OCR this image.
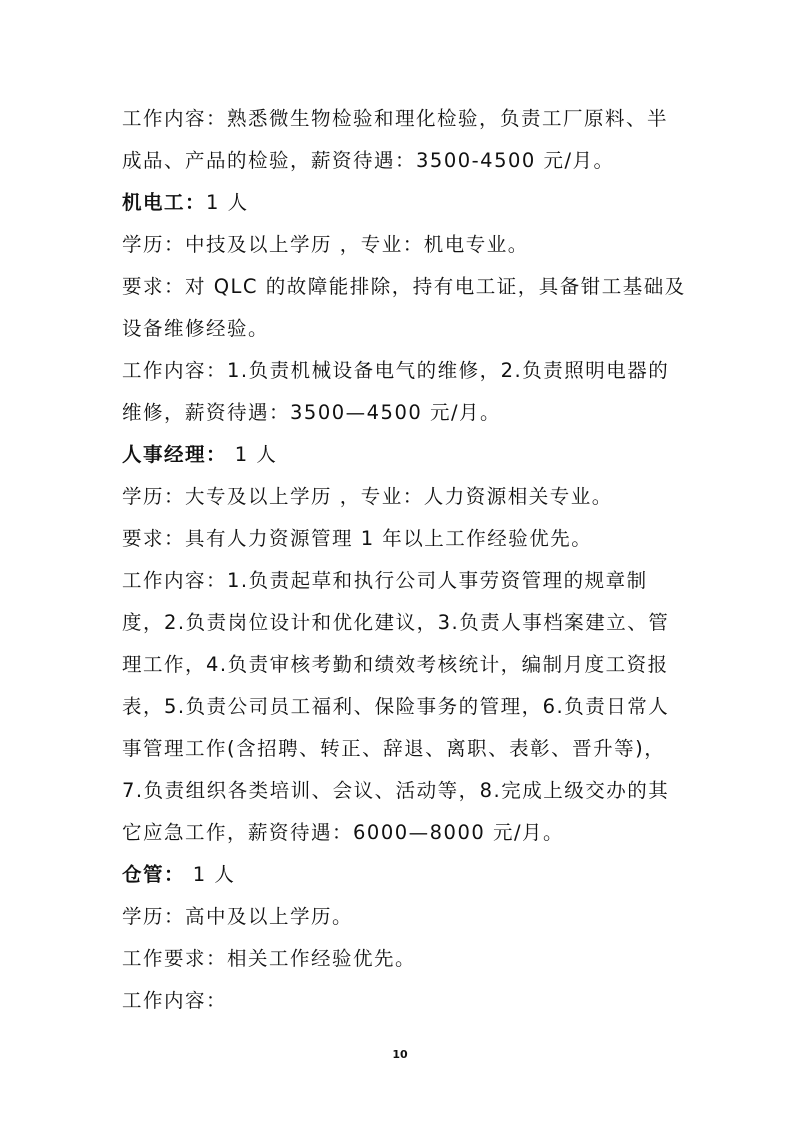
工作内容：熟悉微生物检验和理化检验，负责工厂原料、半
成品、产品的检验，薪资待遇：3500-4500 元/月。
机电工：1 人
学历：中技及以上学历 ，专业：机电专业。
要求：对 QLC 的故障能排除，持有电工证，具备钳工基础及
设备维修经验。
工作内容：1.负责机械设备电气的维修，2.负责照明电器的
维修，薪资待遇：3500—4500 元/月。
人事经理： 1 人
学历：大专及以上学历 ，专业：人力资源相关专业。
要求：具有人力资源管理 1 年以上工作经验优先。
工作内容：1.负责起草和执行公司人事劳资管理的规章制
度，2.负责岗位设计和优化建议，3.负责人事档案建立、管
理工作，4.负责审核考勤和绩效考核统计，编制月度工资报
表，5.负责公司员工福利、保险事务的管理，6.负责日常人
事管理工作(含招聘、转正、辞退、离职、表彰、晋升等)，
7.负责组织各类培训、会议、活动等，8.完成上级交办的其
它应急工作，薪资待遇：6000—8000 元/月。
仓管： 1 人
学历：高中及以上学历。
工作要求：相关工作经验优先。
工作内容：
10
